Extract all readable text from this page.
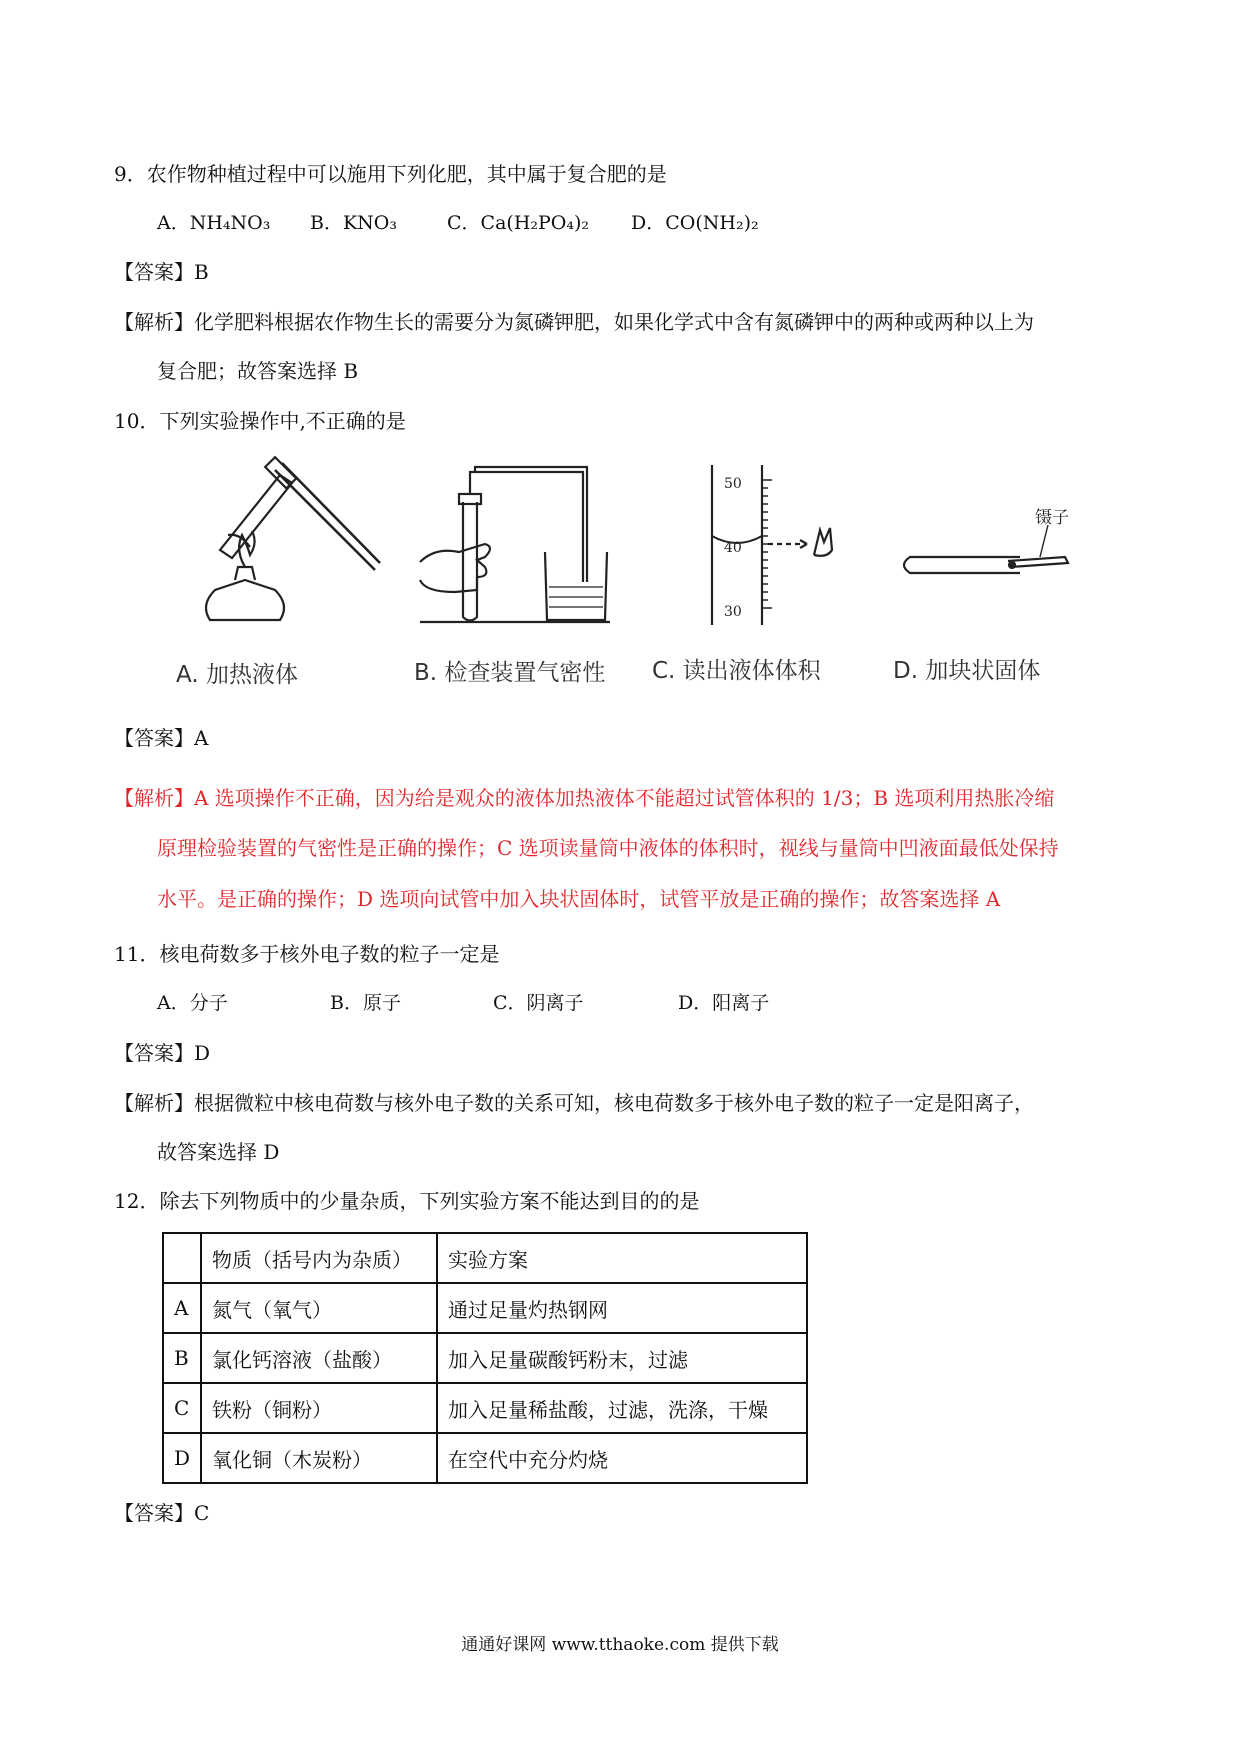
9．农作物种植过程中可以施用下列化肥，其中属于复合肥的是
A．NH₄NO₃ B．KNO₃	C．Ca(H₂PO₄)₂ D．CO(NH₂)₂
【答案】B
【解析】化学肥料根据农作物生长的需要分为氮磷钾肥，如果化学式中含有氮磷钾中的两种或两种以上为
复合肥；故答案选择 B
10．下列实验操作中,不正确的是
A. 加热液体	B. 检查装置气密性
50
40
30
C. 读出液体体积
镊子
D. 加块状固体
【答案】A
【解析】A 选项操作不正确，因为给是观众的液体加热液体不能超过试管体积的 1/3；B 选项利用热胀冷缩
原理检验装置的气密性是正确的操作；C 选项读量筒中液体的体积时，视线与量筒中凹液面最低处保持
水平。是正确的操作；D 选项向试管中加入块状固体时，试管平放是正确的操作；故答案选择 A
11．核电荷数多于核外电子数的粒子一定是
A．分子	B．原子	C．阴离子	D．阳离子
【答案】D
【解析】根据微粒中核电荷数与核外电子数的关系可知，核电荷数多于核外电子数的粒子一定是阳离子，
故答案选择 D
12．除去下列物质中的少量杂质，下列实验方案不能达到目的的是
	物质（括号内为杂质）	实验方案
A	氮气（氧气）	通过足量灼热钢网
B	氯化钙溶液（盐酸）	加入足量碳酸钙粉末，过滤
C	铁粉（铜粉）	加入足量稀盐酸，过滤，洗涤，干燥
D	氧化铜（木炭粉）	在空代中充分灼烧
【答案】C
通通好课网 www.tthaoke.com 提供下载
